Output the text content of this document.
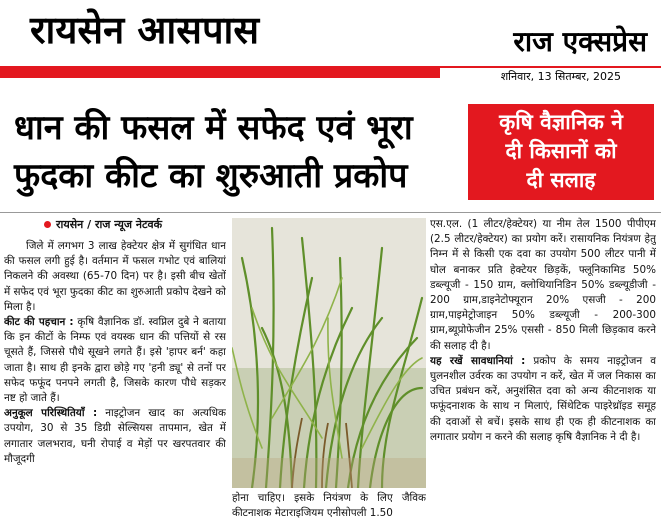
रायसेन आसपास	राज एक्सप्रेस
शनिवार, 13 सितम्बर, 2025
धान की फसल में सफेद एवं भूरा
फुदका कीट का शुरुआती प्रकोप
कृषि वैज्ञानिक ने
दी किसानों को
दी सलाह
रायसेन / राज न्यूज नेटवर्क

जिले में लगभग 3 लाख हेक्टेयर क्षेत्र में सुगंधित धान की फसल लगी हुई है। वर्तमान में फसल गभोट एवं बालियां निकलने की अवस्था (65-70 दिन) पर है। इसी बीच खेतों में सफेद एवं भूरा फुदका कीट का शुरुआती प्रकोप देखने को मिला है।

कीट की पहचान : कृषि वैज्ञानिक डॉ. स्वप्निल दुबे ने बताया कि इन कीटों के निम्फ एवं वयस्क धान की पत्तियों से रस चूसते हैं, जिससे पौधे सूखने लगते हैं। इसे 'हापर बर्न' कहा जाता है। साथ ही इनके द्वारा छोड़े गए 'हनी ड्यू' से तनों पर सफेद फफूंद पनपने लगती है, जिसके कारण पौधे सड़कर नष्ट हो जाते हैं।

अनुकूल परिस्थितियाँ : नाइट्रोजन खाद का अत्यधिक उपयोग, 30 से 35 डिग्री सेल्सियस तापमान, खेत में लगातार जलभराव, घनी रोपाई व मेड़ों पर खरपतवार की मौजूदगी

होना चाहिए। इसके नियंत्रण के लिए जैविक कीटनाशक मेटाराइजियम एनीसोपली 1.50

एस.एल. (1 लीटर/हेक्टेयर) या नीम तेल 1500 पीपीएम (2.5 लीटर/हेक्टेयर) का प्रयोग करें। रासायनिक नियंत्रण हेतु निम्न में से किसी एक दवा का उपयोग 500 लीटर पानी में घोल बनाकर प्रति हेक्टेयर छिड़कें, फ्लूनिकामिड 50% डब्ल्यूजी - 150 ग्राम, क्लोथियानिडिन 50% डब्ल्यूडीजी - 200 ग्राम,डाइनेटोफ्यूरान 20% एसजी - 200 ग्राम,पाइमेट्रोजाइन 50% डब्ल्यूजी - 200-300 ग्राम,ब्यूप्रोफेजीन 25% एससी - 850 मिली छिड़काव करने की सलाह दी है।

यह रखें सावधानियां : प्रकोप के समय नाइट्रोजन व घुलनशील उर्वरक का उपयोग न करें, खेत में जल निकास का उचित प्रबंधन करें, अनुशंसित दवा को अन्य कीटनाशक या फफूंदनाशक के साथ न मिलाएं, सिंथेटिक पाइरेथ्रॉइड समूह की दवाओं से बचें। इसके साथ ही एक ही कीटनाशक का लगातार प्रयोग न करने की सलाह कृषि वैज्ञानिक ने दी है।
